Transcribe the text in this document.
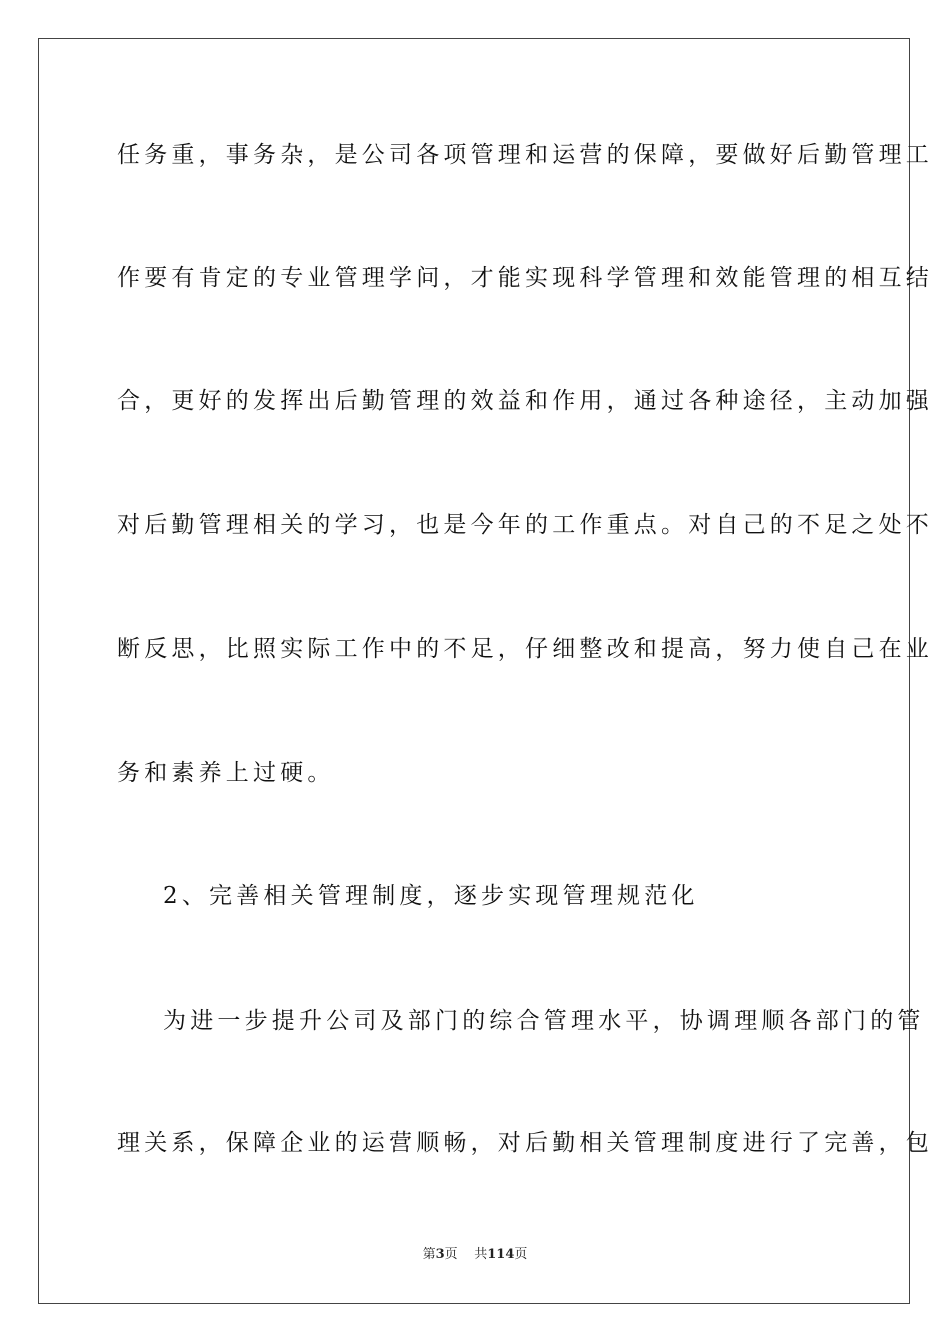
任务重，事务杂，是公司各项管理和运营的保障，要做好后勤管理工
作要有肯定的专业管理学问，才能实现科学管理和效能管理的相互结
合，更好的发挥出后勤管理的效益和作用，通过各种途径，主动加强
对后勤管理相关的学习，也是今年的工作重点。对自己的不足之处不
断反思，比照实际工作中的不足，仔细整改和提高，努力使自己在业
务和素养上过硬。
2、完善相关管理制度，逐步实现管理规范化
为进一步提升公司及部门的综合管理水平，协调理顺各部门的管
理关系，保障企业的运营顺畅，对后勤相关管理制度进行了完善，包
第3页 共114页
